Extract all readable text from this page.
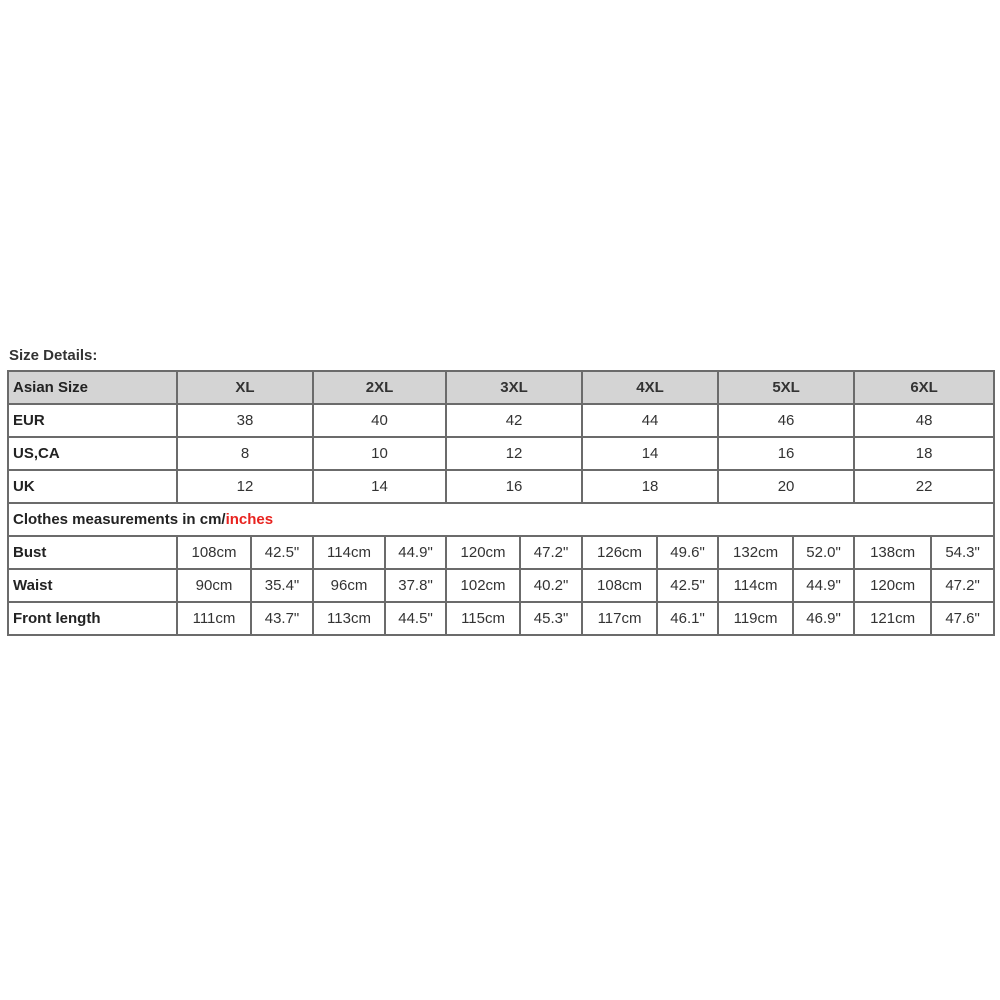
Size Details:
Asian Size	XL		2XL		3XL		4XL		5XL		6XL	
EUR	38		40		42		44		46		48	
US,CA	8		10		12		14		16		18	
UK	12		14		16		18		20		22	
Clothes measurements in cm/inches												
Bust	108cm	42.5"	114cm	44.9"	120cm	47.2"	126cm	49.6"	132cm	52.0"	138cm	54.3"
Waist	90cm	35.4"	96cm	37.8"	102cm	40.2"	108cm	42.5"	114cm	44.9"	120cm	47.2"
Front length	111cm	43.7"	113cm	44.5"	115cm	45.3"	117cm	46.1"	119cm	46.9"	121cm	47.6"
